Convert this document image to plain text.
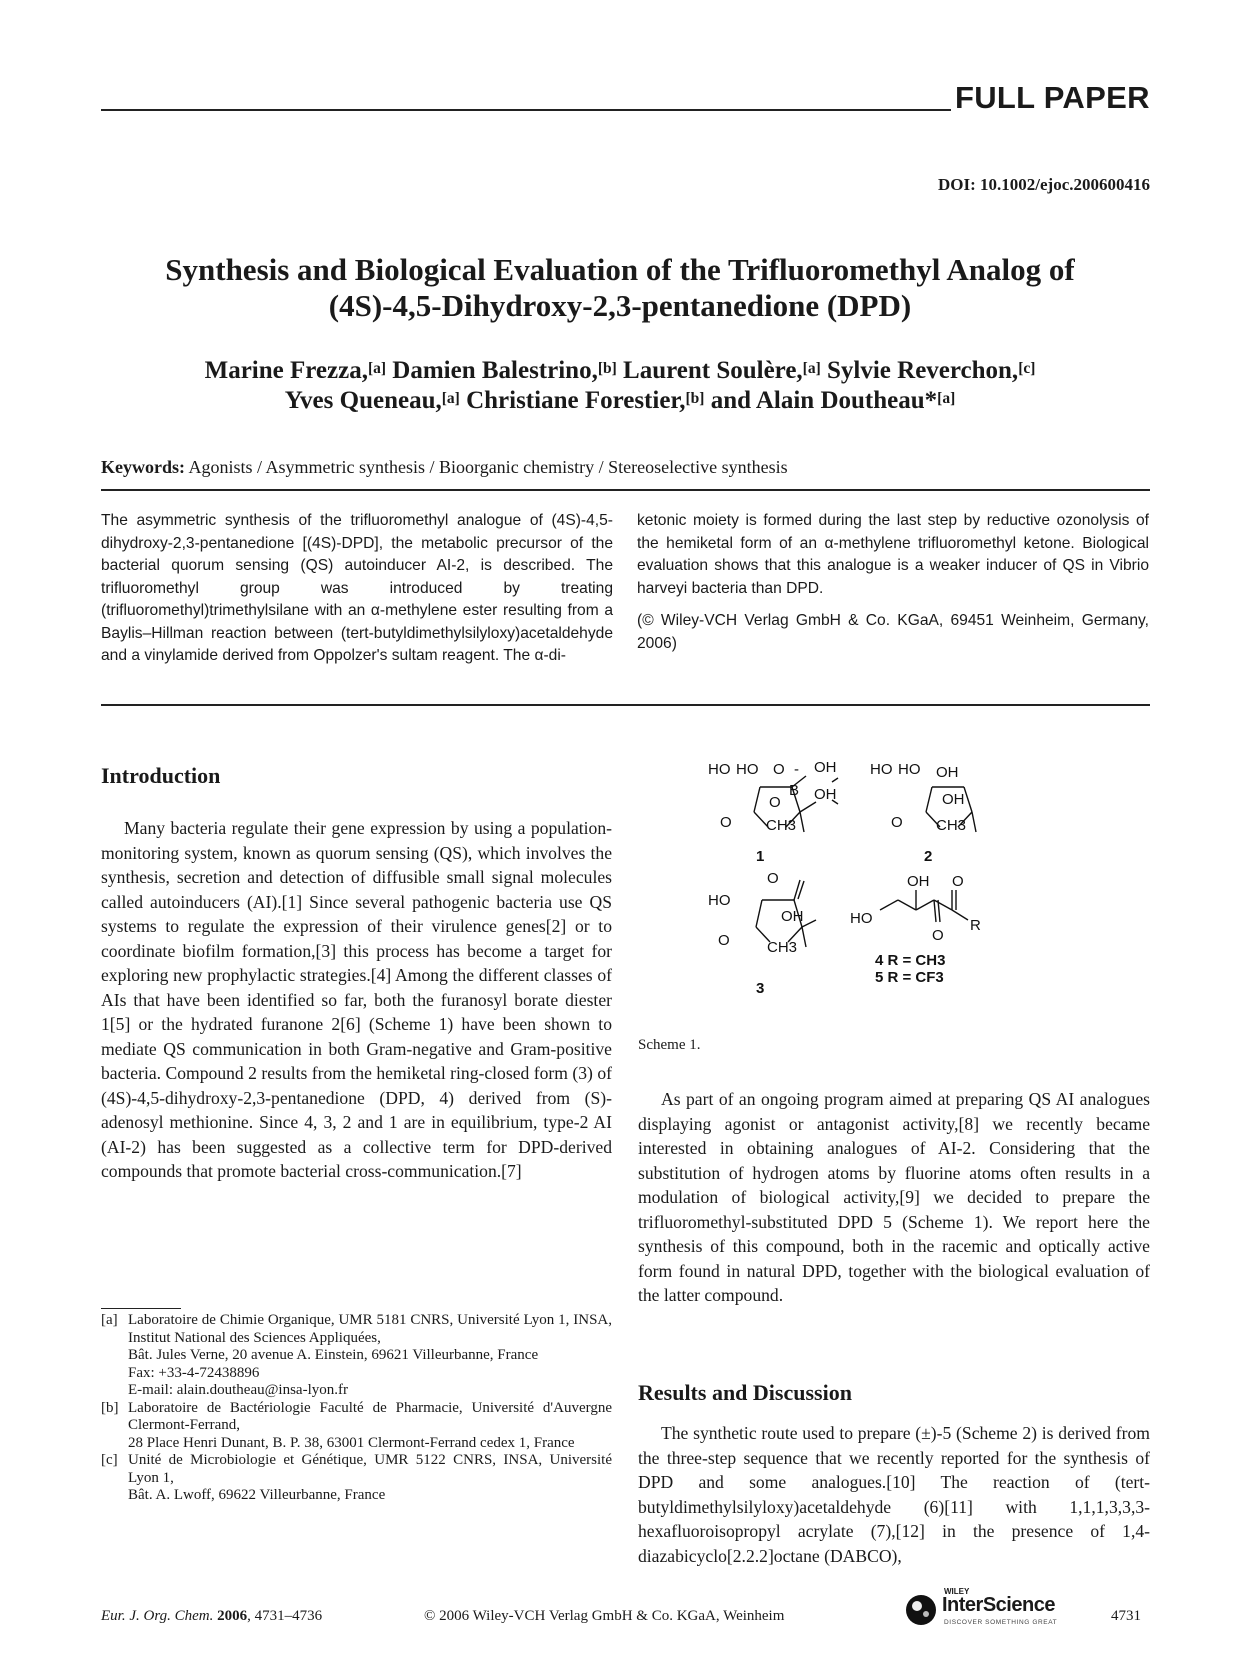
FULL PAPER
DOI: 10.1002/ejoc.200600416
Synthesis and Biological Evaluation of the Trifluoromethyl Analog of
(4S)-4,5-Dihydroxy-2,3-pentanedione (DPD)
Marine Frezza,[a] Damien Balestrino,[b] Laurent Soulère,[a] Sylvie Reverchon,[c]
Yves Queneau,[a] Christiane Forestier,[b] and Alain Doutheau*[a]
Keywords: Agonists / Asymmetric synthesis / Bioorganic chemistry / Stereoselective synthesis
The asymmetric synthesis of the trifluoromethyl analogue of (4S)-4,5-dihydroxy-2,3-pentanedione [(4S)-DPD], the metabolic precursor of the bacterial quorum sensing (QS) autoinducer AI-2, is described. The trifluoromethyl group was introduced by treating (trifluoromethyl)trimethylsilane with an α-methylene ester resulting from a Baylis–Hillman reaction between (tert-butyldimethylsilyloxy)acetaldehyde and a vinylamide derived from Oppolzer's sultam reagent. The α-di-

ketonic moiety is formed during the last step by reductive ozonolysis of the hemiketal form of an α-methylene trifluoromethyl ketone. Biological evaluation shows that this analogue is a weaker inducer of QS in Vibrio harveyi bacteria than DPD.

(© Wiley-VCH Verlag GmbH & Co. KGaA, 69451 Weinheim, Germany, 2006)

Introduction

Many bacteria regulate their gene expression by using a population-monitoring system, known as quorum sensing (QS), which involves the synthesis, secretion and detection of diffusible small signal molecules called autoinducers (AI).[1] Since several pathogenic bacteria use QS systems to regulate the expression of their virulence genes[2] or to coordinate biofilm formation,[3] this process has become a target for exploring new prophylactic strategies.[4] Among the different classes of AIs that have been identified so far, both the furanosyl borate diester 1[5] or the hydrated furanone 2[6] (Scheme 1) have been shown to mediate QS communication in both Gram-negative and Gram-positive bacteria. Compound 2 results from the hemiketal ring-closed form (3) of (4S)-4,5-dihydroxy-2,3-pentanedione (DPD, 4) derived from (S)-adenosyl methionine. Since 4, 3, 2 and 1 are in equilibrium, type-2 AI (AI-2) has been suggested as a collective term for DPD-derived compounds that promote bacterial cross-communication.[7]

[a] Laboratoire de Chimie Organique, UMR 5181 CNRS, Université Lyon 1, INSA, Institut National des Sciences Appliquées,
Bât. Jules Verne, 20 avenue A. Einstein, 69621 Villeurbanne, France
Fax: +33-4-72438896
E-mail: alain.doutheau@insa-lyon.fr
[b] Laboratoire de Bactériologie Faculté de Pharmacie, Université d'Auvergne Clermont-Ferrand,
28 Place Henri Dunant, B. P. 38, 63001 Clermont-Ferrand cedex 1, France
[c] Unité de Microbiologie et Génétique, UMR 5122 CNRS, INSA, Université Lyon 1,
Bât. A. Lwoff, 69622 Villeurbanne, France
HO HO O - OH
B OH
O
O CH3
HO HO OH
OH
O CH3
HO
O
OH
O CH3
HO
OH O
O
R
1	2
3
4 R = CH3
5 R = CF3
Scheme 1.

As part of an ongoing program aimed at preparing QS AI analogues displaying agonist or antagonist activity,[8] we recently became interested in obtaining analogues of AI-2. Considering that the substitution of hydrogen atoms by fluorine atoms often results in a modulation of biological activity,[9] we decided to prepare the trifluoromethyl-substituted DPD 5 (Scheme 1). We report here the synthesis of this compound, both in the racemic and optically active form found in natural DPD, together with the biological evaluation of the latter compound.

Results and Discussion

The synthetic route used to prepare (±)-5 (Scheme 2) is derived from the three-step sequence that we recently reported for the synthesis of DPD and some analogues.[10] The reaction of (tert-butyldimethylsilyloxy)acetaldehyde (6)[11] with 1,1,1,3,3,3-hexafluoroisopropyl acrylate (7),[12] in the presence of 1,4-diazabicyclo[2.2.2]octane (DABCO),

Eur. J. Org. Chem. 2006, 4731–4736	© 2006 Wiley-VCH Verlag GmbH & Co. KGaA, Weinheim
WILEY
InterScience
DISCOVER SOMETHING GREAT	4731
